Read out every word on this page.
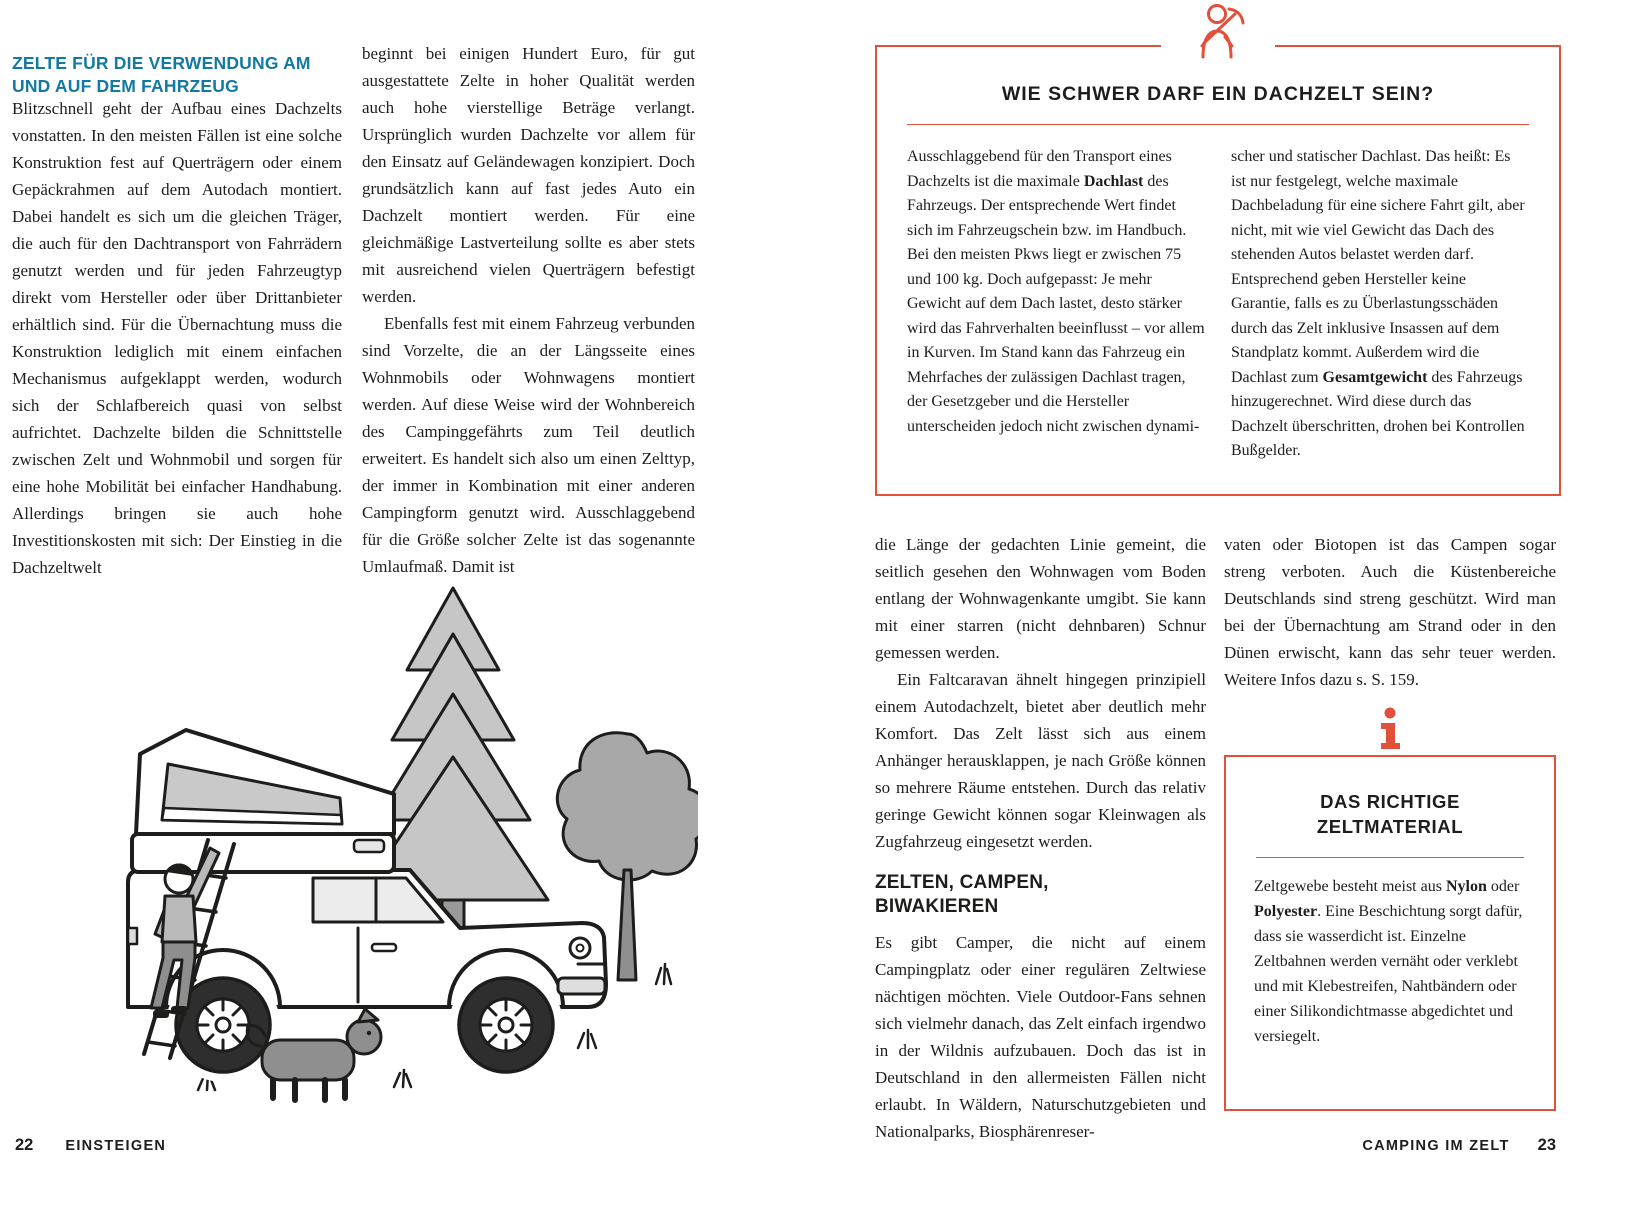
ZELTE FÜR DIE VERWENDUNG AM UND AUF DEM FAHRZEUG

Blitzschnell geht der Aufbau eines Dachzelts vonstatten. In den meisten Fällen ist eine solche Konstruktion fest auf Querträgern oder einem Gepäckrahmen auf dem Autodach montiert. Dabei handelt es sich um die gleichen Träger, die auch für den Dachtransport von Fahrrädern genutzt werden und für jeden Fahrzeugtyp direkt vom Hersteller oder über Drittanbieter erhältlich sind. Für die Übernachtung muss die Konstruktion lediglich mit einem einfachen Mechanismus aufgeklappt werden, wodurch sich der Schlafbereich quasi von selbst aufrichtet. Dachzelte bilden die Schnittstelle zwischen Zelt und Wohnmobil und sorgen für eine hohe Mobilität bei einfacher Handhabung. Allerdings bringen sie auch hohe Investitionskosten mit sich: Der Einstieg in die Dachzeltwelt

beginnt bei einigen Hundert Euro, für gut ausgestattete Zelte in hoher Qualität werden auch hohe vierstellige Beträge verlangt. Ursprünglich wurden Dachzelte vor allem für den Einsatz auf Geländewagen konzipiert. Doch grundsätzlich kann auf fast jedes Auto ein Dachzelt montiert werden. Für eine gleichmäßige Lastverteilung sollte es aber stets mit ausreichend vielen Querträgern befestigt werden.

Ebenfalls fest mit einem Fahrzeug verbunden sind Vorzelte, die an der Längsseite eines Wohnmobils oder Wohnwagens montiert werden. Auf diese Weise wird der Wohnbereich des Campinggefährts zum Teil deutlich erweitert. Es handelt sich also um einen Zelttyp, der immer in Kombination mit einer anderen Campingform genutzt wird. Ausschlaggebend für die Größe solcher Zelte ist das sogenannte Umlaufmaß. Damit ist

22 EINSTEIGEN
WIE SCHWER DARF EIN DACHZELT SEIN?

Ausschlaggebend für den Transport eines Dachzelts ist die maximale Dachlast des Fahrzeugs. Der entsprechende Wert findet sich im Fahrzeugschein bzw. im Handbuch. Bei den meisten Pkws liegt er zwischen 75 und 100 kg. Doch aufgepasst: Je mehr Gewicht auf dem Dach lastet, desto stärker wird das Fahrverhalten beeinflusst – vor allem in Kurven. Im Stand kann das Fahrzeug ein Mehrfaches der zulässigen Dachlast tragen, der Gesetzgeber und die Hersteller unterscheiden jedoch nicht zwischen dynami-

scher und statischer Dachlast. Das heißt: Es ist nur festgelegt, welche maximale Dachbeladung für eine sichere Fahrt gilt, aber nicht, mit wie viel Gewicht das Dach des stehenden Autos belastet werden darf. Entsprechend geben Hersteller keine Garantie, falls es zu Überlastungsschäden durch das Zelt inklusive Insassen auf dem Standplatz kommt. Außerdem wird die Dachlast zum Gesamtgewicht des Fahrzeugs hinzugerechnet. Wird diese durch das Dachzelt überschritten, drohen bei Kontrollen Bußgelder.

die Länge der gedachten Linie gemeint, die seitlich gesehen den Wohnwagen vom Boden entlang der Wohnwagenkante umgibt. Sie kann mit einer starren (nicht dehnbaren) Schnur gemessen werden.

Ein Faltcaravan ähnelt hingegen prinzipiell einem Autodachzelt, bietet aber deutlich mehr Komfort. Das Zelt lässt sich aus einem Anhänger herausklappen, je nach Größe können so mehrere Räume entstehen. Durch das relativ geringe Gewicht können sogar Kleinwagen als Zugfahrzeug eingesetzt werden.

ZELTEN, CAMPEN, BIWAKIEREN

Es gibt Camper, die nicht auf einem Campingplatz oder einer regulären Zeltwiese nächtigen möchten. Viele Outdoor-Fans sehnen sich vielmehr danach, das Zelt einfach irgendwo in der Wildnis aufzubauen. Doch das ist in Deutschland in den allermeisten Fällen nicht erlaubt. In Wäldern, Naturschutzgebieten und Nationalparks, Biosphärenreser-

vaten oder Biotopen ist das Campen sogar streng verboten. Auch die Küstenbereiche Deutschlands sind streng geschützt. Wird man bei der Übernachtung am Strand oder in den Dünen erwischt, kann das sehr teuer werden. Weitere Infos dazu s. S. 159.

DAS RICHTIGE ZELTMATERIAL

Zeltgewebe besteht meist aus Nylon oder Polyester. Eine Beschichtung sorgt dafür, dass sie wasserdicht ist. Einzelne Zeltbahnen werden vernäht oder verklebt und mit Klebestreifen, Nahtbändern oder einer Silikondichtmasse abgedichtet und versiegelt.

CAMPING IM ZELT 23
